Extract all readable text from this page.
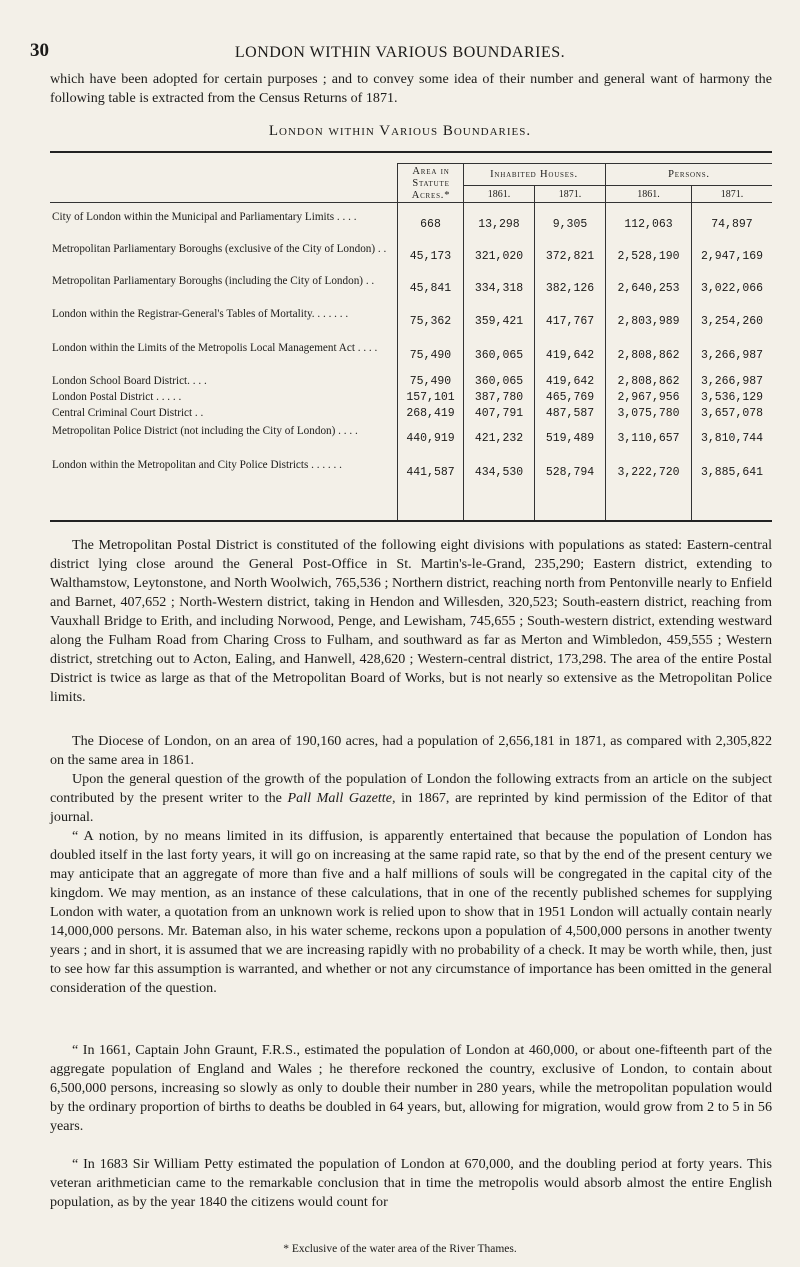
30	LONDON WITHIN VARIOUS BOUNDARIES.

which have been adopted for certain purposes ; and to convey some idea of their number and general want of harmony the following table is extracted from the Census Returns of 1871.

London within Various Boundaries.
Area in Statute Acres.*
Inhabited Houses.	Persons.
1861.	1871.	1861.	1871.
City of London within the Municipal and Parliamentary Limits . . . .
668	13,298	9,305	112,063	74,897
Metropolitan Parliamentary Boroughs (exclusive of the City of London) . .
45,173	321,020	372,821	2,528,190	2,947,169
Metropolitan Parliamentary Boroughs (including the City of London) . .
45,841	334,318	382,126	2,640,253	3,022,066
London within the Registrar-General's Tables of Mortality. . . . . . .
75,362	359,421	417,767	2,803,989	3,254,260
London within the Limits of the Metropolis Local Management Act . . . .
75,490	360,065	419,642	2,808,862	3,266,987
London School Board District. . . .	75,490	360,065	419,642	2,808,862	3,266,987
London Postal District . . . . .	157,101	387,780	465,769	2,967,956	3,536,129
Central Criminal Court District . .	268,419	407,791	487,587	3,075,780	3,657,078
Metropolitan Police District (not including the City of London) . . . .
440,919	421,232	519,489	3,110,657	3,810,744
London within the Metropolitan and City Police Districts . . . . . .
441,587	434,530	528,794	3,222,720	3,885,641

The Metropolitan Postal District is constituted of the following eight divisions with populations as stated: Eastern-central district lying close around the General Post-Office in St. Martin's-le-Grand, 235,290; Eastern district, extending to Walthamstow, Leytonstone, and North Woolwich, 765,536 ; Northern district, reaching north from Pentonville nearly to Enfield and Barnet, 407,652 ; North-Western district, taking in Hendon and Willesden, 320,523; South-eastern district, reaching from Vauxhall Bridge to Erith, and including Norwood, Penge, and Lewisham, 745,655 ; South-western district, extending westward along the Fulham Road from Charing Cross to Fulham, and southward as far as Merton and Wimbledon, 459,555 ; Western district, stretching out to Acton, Ealing, and Hanwell, 428,620 ; Western-central district, 173,298. The area of the entire Postal District is twice as large as that of the Metropolitan Board of Works, but is not nearly so extensive as the Metropolitan Police limits.

The Diocese of London, on an area of 190,160 acres, had a population of 2,656,181 in 1871, as compared with 2,305,822 on the same area in 1861.

Upon the general question of the growth of the population of London the following extracts from an article on the subject contributed by the present writer to the Pall Mall Gazette, in 1867, are reprinted by kind permission of the Editor of that journal.

“ A notion, by no means limited in its diffusion, is apparently entertained that because the population of London has doubled itself in the last forty years, it will go on increasing at the same rapid rate, so that by the end of the present century we may anticipate that an aggregate of more than five and a half millions of souls will be congregated in the capital city of the kingdom. We may mention, as an instance of these calculations, that in one of the recently published schemes for supplying London with water, a quotation from an unknown work is relied upon to show that in 1951 London will actually contain nearly 14,000,000 persons. Mr. Bateman also, in his water scheme, reckons upon a population of 4,500,000 persons in another twenty years ; and in short, it is assumed that we are increasing rapidly with no probability of a check. It may be worth while, then, just to see how far this assumption is warranted, and whether or not any circumstance of importance has been omitted in the general consideration of the question.

“ In 1661, Captain John Graunt, F.R.S., estimated the population of London at 460,000, or about one-fifteenth part of the aggregate population of England and Wales ; he therefore reckoned the country, exclusive of London, to contain about 6,500,000 persons, increasing so slowly as only to double their number in 280 years, while the metropolitan population would by the ordinary proportion of births to deaths be doubled in 64 years, but, allowing for migration, would grow from 2 to 5 in 56 years.

“ In 1683 Sir William Petty estimated the population of London at 670,000, and the doubling period at forty years. This veteran arithmetician came to the remarkable conclusion that in time the metropolis would absorb almost the entire English population, as by the year 1840 the citizens would count for

* Exclusive of the water area of the River Thames.
